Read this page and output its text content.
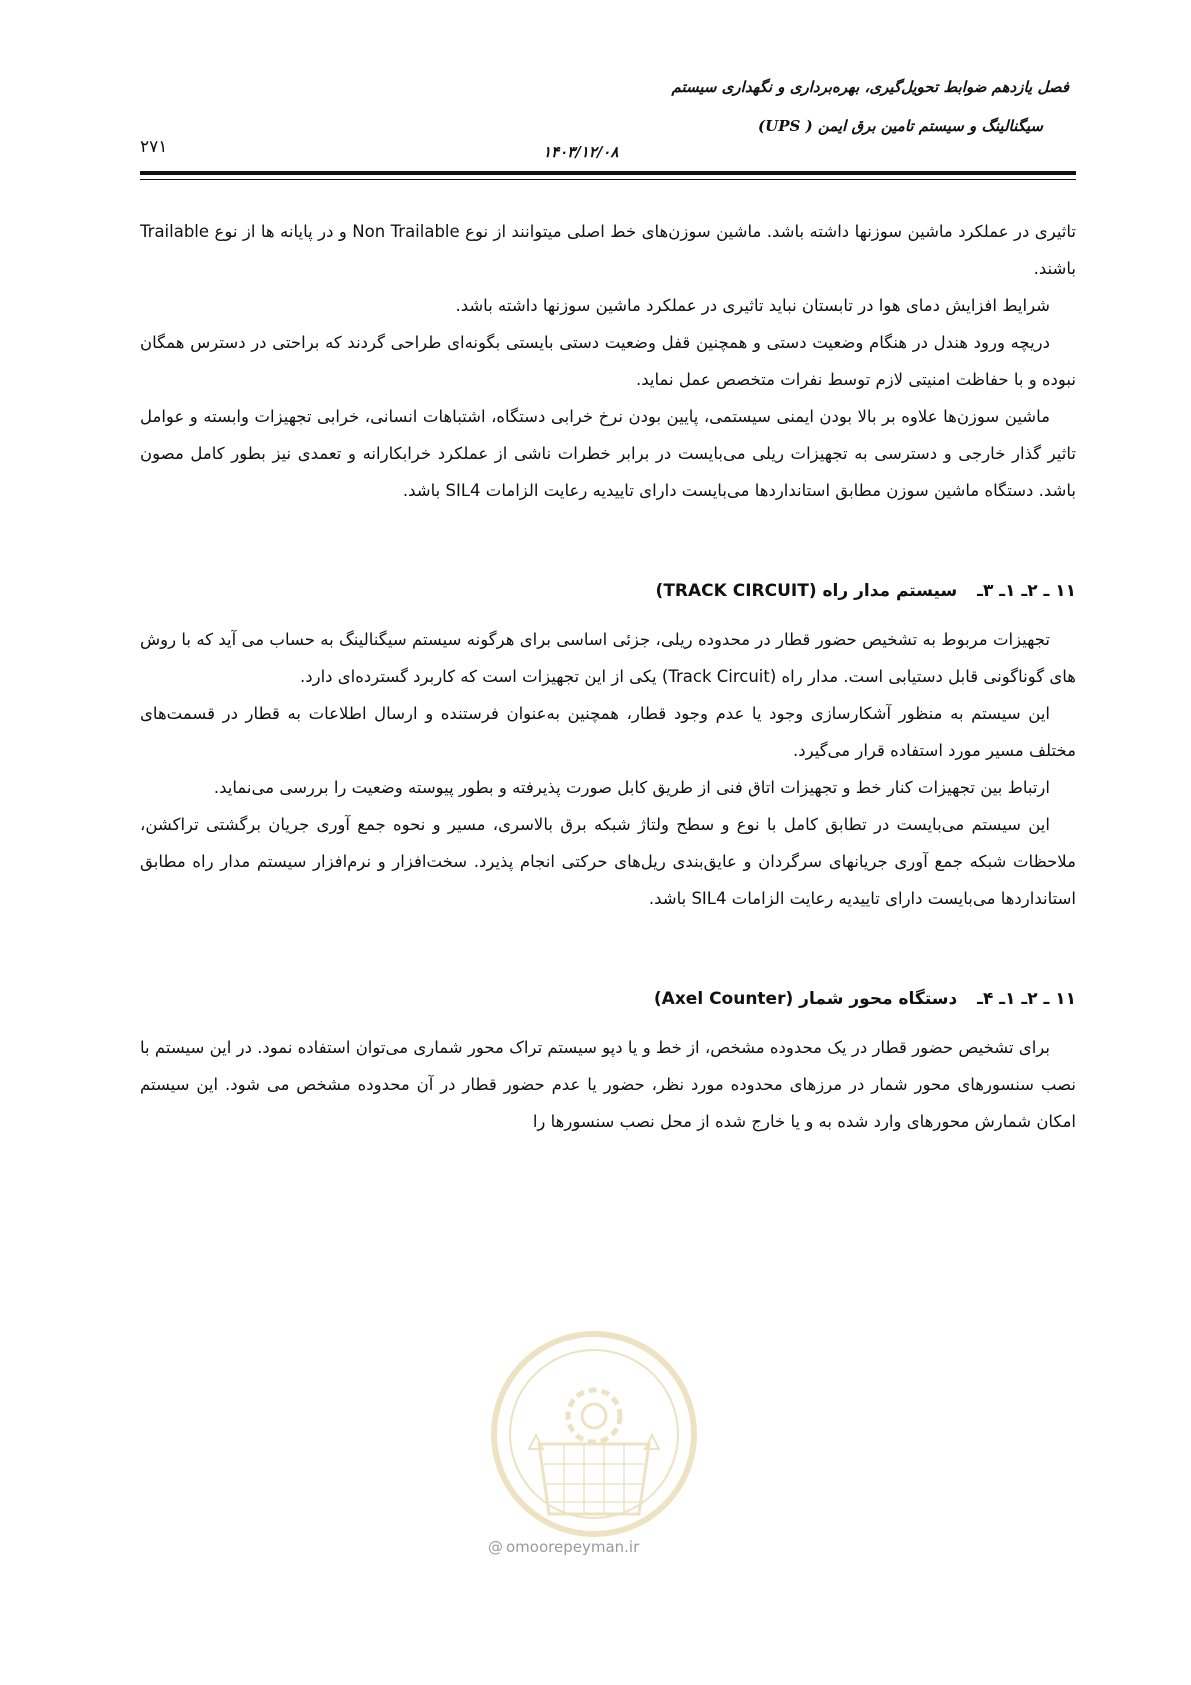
فصل یازدهم ضوابط تحویل‌گیری، بهره‌برداری و نگهداری سیستم
سیگنالینگ و سیستم تامین برق ایمن ( UPS)
۱۴۰۳/۱۲/۰۸
۲۷۱

تاثیری در عملکرد ماشین سوزنها داشته باشد. ماشین سوزن‌های خط اصلی میتوانند از نوع Non Trailable و در پایانه ها از نوع Trailable باشند.

شرایط افزایش دمای هوا در تابستان نباید تاثیری در عملکرد ماشین سوزنها داشته باشد.

دریچه ورود هندل در هنگام وضعیت دستی و همچنین قفل وضعیت دستی بایستی بگونه‌ای طراحی گردند که براحتی در دسترس همگان نبوده و با حفاظت امنیتی لازم توسط نفرات متخصص عمل نماید.

ماشین سوزن‌ها علاوه بر بالا بودن ایمنی سیستمی، پایین بودن نرخ خرابی دستگاه، اشتباهات انسانی، خرابی تجهیزات وابسته و عوامل تاثیر گذار خارجی و دسترسی به تجهیزات ریلی می‌بایست در برابر خطرات ناشی از عملکرد خرابکارانه و تعمدی نیز بطور کامل مصون باشد. دستگاه ماشین سوزن مطابق استانداردها می‌بایست دارای تاییدیه رعایت الزامات SIL4 باشد.

۱۱ ـ ۲ـ ۱ـ ۳ـ سیستم مدار راه (TRACK CIRCUIT)

تجهیزات مربوط به تشخیص حضور قطار در محدوده ریلی، جزئی اساسی برای هرگونه سیستم سیگنالینگ به حساب می آید که با روش های گوناگونی قابل دستیابی است. مدار راه (Track Circuit) یکی از این تجهیزات است که کاربرد گسترده‌ای دارد.

این سیستم به منظور آشکارسازی وجود یا عدم وجود قطار، همچنین به‌عنوان فرستنده و ارسال اطلاعات به قطار در قسمت‌های مختلف مسیر مورد استفاده قرار می‌گیرد.

ارتباط بین تجهیزات کنار خط و تجهیزات اتاق فنی از طریق کابل صورت پذیرفته و بطور پیوسته وضعیت را بررسی می‌نماید.

این سیستم می‌بایست در تطابق کامل با نوع و سطح ولتاژ شبکه برق بالاسری، مسیر و نحوه جمع آوری جریان برگشتی تراکشن، ملاحظات شبکه جمع آوری جریانهای سرگردان و عایق‌بندی ریل‌های حرکتی انجام پذیرد. سخت‌افزار و نرم‌افزار سیستم مدار راه مطابق استانداردها می‌بایست دارای تاییدیه رعایت الزامات SIL4 باشد.

۱۱ ـ ۲ـ ۱ـ ۴ـ دستگاه محور شمار (Axel Counter)

برای تشخیص حضور قطار در یک محدوده مشخص، از خط و یا دپو سیستم تراک محور شماری می‌توان استفاده نمود. در این سیستم با نصب سنسورهای محور شمار در مرزهای محدوده مورد نظر، حضور یا عدم حضور قطار در آن محدوده مشخص می شود. این سیستم امکان شمارش محورهای وارد شده به و یا خارج شده از محل نصب سنسورها را

@ omoorepeyman.ir
